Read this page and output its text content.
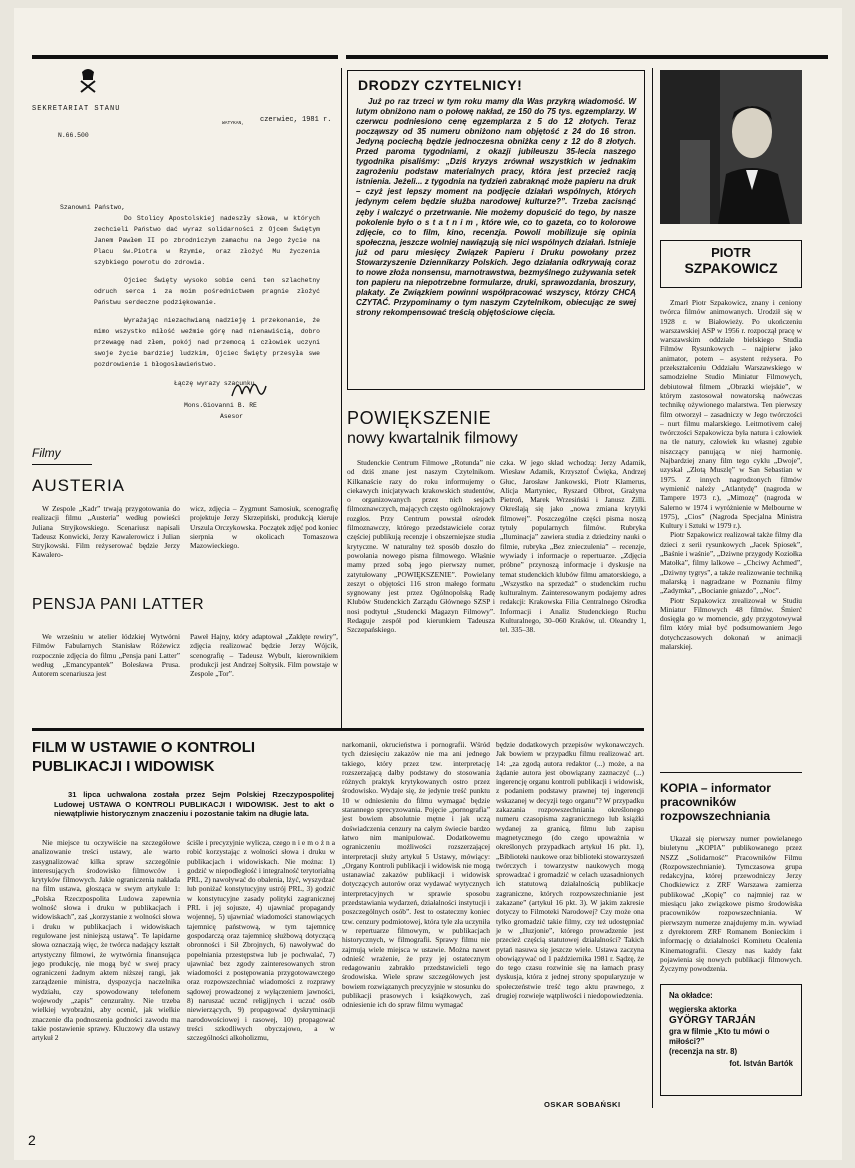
SEKRETARIAT STANU
WATYKAN, czerwiec, 1981 r.
N.66.500
Szanowni Państwo,
Do Stolicy Apostolskiej nadeszły słowa, w których zechcieli Państwo dać wyraz solidarności z Ojcem Świętym Janem Pawłem II po zbrodniczym zamachu na Jego życie na Placu św.Piotra w Rzymie, oraz złożyć Mu życzenia szybkiego powrotu do zdrowia.
Ojciec Święty wysoko sobie ceni ten szlachetny odruch serca i za moim pośrednictwem pragnie złożyć Państwu serdeczne podziękowanie.
Wyrażając niezachwianą nadzieję i przekonanie, że mimo wszystko miłość weźmie górę nad nienawiścią, dobro przewagę nad złem, pokój nad przemocą i człowiek uczyni swoje życie bardziej ludzkim, Ojciec Święty przesyła swe pozdrowienie i błogosławieństwo.
Łączę wyrazy szacunku
Mons.Giovanni B. RE
Asesor
Filmy
AUSTERIA

W Zespole „Kadr” trwają przygotowania do realizacji filmu „Austeria” według powieści Juliana Stryjkowskiego. Scenariusz napisali Tadeusz Konwicki, Jerzy Kawalerowicz i Julian Stryjkowski. Film reżyserować będzie Jerzy Kawalero-

wicz, zdjęcia – Zygmunt Samosiuk, scenografię projektuje Jerzy Skrzepiński, produkcją kieruje Urszula Orczykowska. Początek zdjęć pod koniec sierpnia w okolicach Tomaszowa Mazowieckiego.

PENSJA PANI LATTER

We wrześniu w atelier łódzkiej Wytwórni Filmów Fabularnych Stanisław Różewicz rozpocznie zdjęcia do filmu „Pensja pani Latter” według „Emancypantek” Bolesława Prusa. Autorem scenariusza jest

Paweł Hajny, który adaptował „Zaklęte rewiry”, zdjęcia realizować będzie Jerzy Wójcik, scenografię – Tadeusz Wybult, kierownikiem produkcji jest Andrzej Sołtysik. Film powstaje w Zespole „Tor”.

DRODZY CZYTELNICY!
Już po raz trzeci w tym roku mamy dla Was przykrą wiadomość. W lutym obniżono nam o połowę nakład, ze 150 do 75 tys. egzemplarzy. W czerwcu podniesiono cenę egzemplarza z 5 do 12 złotych. Teraz począwszy od 35 numeru obniżono nam objętość z 24 do 16 stron. Jedyną pociechą będzie jednoczesna obniżka ceny z 12 do 8 złotych. Przed paroma tygodniami, z okazji jubileuszu 35-lecia naszego tygodnika pisaliśmy: „Dziś kryzys zrównał wszystkich w jednakim zagrożeniu podstaw materialnych pracy, która jest przecież racją istnienia. Jeżeli... z tygodnia na tydzień zabraknąć może papieru na druk – czyż jest lepszy moment na podjęcie działań wspólnych, których jedynym celem będzie służba narodowej kulturze?”. Trzeba zacisnąć zęby i walczyć o przetrwanie. Nie możemy dopuścić do tego, by nasze pokolenie było o s t a t n i m , które wie, co to gazeta, co to kolorowe zdjęcie, co to film, kino, recenzja. Powoli mobilizuje się opinia społeczna, jeszcze wolniej nawiązują się nici wspólnych działań. Istnieje już od paru miesięcy Związek Papieru i Druku powołany przez Stowarzyszenie Dziennikarzy Polskich. Jego działania odkrywają coraz to nowe złoża nonsensu, marnotrawstwa, bezmyślnego zużywania setek ton papieru na niepotrzebne formularze, druki, sprawozdania, broszury, plakaty. Ze Związkiem powinni współpracować wszyscy, którzy CHCĄ CZYTAĆ. Przypominamy o tym naszym Czytelnikom, obiecując ze swej strony rekompensować treścią objętościowe cięcia.
POWIĘKSZENIE
nowy kwartalnik filmowy

Studenckie Centrum Filmowe „Rotunda” nie od dziś znane jest naszym Czytelnikom. Kilkanaście razy do roku informujemy o ciekawych inicjatywach krakowskich studentów, o organizowanych przez nich sesjach filmoznawczych, mających często ogólnokrajowy rozgłos. Przy Centrum powstał ośrodek filmoznawczy, którego przedstawiciele coraz częściej publikują recenzje i obszerniejsze studia krytyczne. W naturalny też sposób doszło do powołania nowego pisma filmowego. Właśnie mamy przed sobą jego pierwszy numer, zatytułowany „POWIĘKSZENIE”. Powielany zeszyt o objętości 116 stron małego formatu sygnowany jest przez Ogólnopolską Radę Klubów Studenckich Zarządu Głównego SZSP i nosi podtytuł „Studencki Magazyn Filmowy”. Redaguje zespół pod kierunkiem Tadeusza Szczepańskiego.

czka. W jego skład wchodzą: Jerzy Adamik, Wiesław Adamik, Krzysztof Ćwięka, Andrzej Głuc, Jarosław Jankowski, Piotr Kłamerus, Alicja Martyniec, Ryszard Olbrot, Grażyna Pietroń, Marek Wrzesiński i Janusz Zilli. Określają się jako „nowa zmiana krytyki filmowej”. Poszczególne części pisma noszą tytuły popularnych filmów. Rubryka „Iluminacja” zawiera studia z dziedziny nauki o filmie, rubryka „Bez znieczulenia” – recenzje, wywiady i informacje o repertuarze. „Zdjęcia próbne” przynoszą informacje i dyskusje na temat studenckich klubów filmu amatorskiego, a „Wszystko na sprzedaż” o studenckim ruchu kulturalnym. Zainteresowanym podajemy adres redakcji: Krakowska Filia Centralnego Ośrodka Informacji i Analiz Studenckiego Ruchu Kulturalnego, 30–060 Kraków, ul. Oleandry 1, tel. 335–38.

PIOTR
SZPAKOWICZ

Zmarł Piotr Szpakowicz, znany i ceniony twórca filmów animowanych. Urodził się w 1928 r. w Białowieży. Po ukończeniu warszawskiej ASP w 1956 r. rozpoczął pracę w warszawskim oddziale bielskiego Studia Filmów Rysunkowych – najpierw jako animator, potem – asystent reżysera. Po przekształceniu Oddziału Warszawskiego w samodzielne Studio Miniatur Filmowych, debiutował filmem „Obrazki wiejskie”, w którym zastosował nowatorską naówczas technikę ożywionego malarstwa. Ten pierwszy film otworzył – zasadniczy w Jego twórczości – nurt filmu malarskiego. Leitmotivem całej twórczości Szpakowicza była natura i człowiek na tle natury, człowiek ku własnej zgubie niszczący panującą w niej harmonię. Najbardziej znany film tego cyklu „Dwoje”, uzyskał „Złotą Muszlę” w San Sebastian w 1975. Z innych nagrodzonych filmów wymienić należy „Atlantydę” (nagroda w Tampere 1973 r.), „Mimozę” (nagroda w Salerno w 1974 i wyróżnienie w Melbourne w 1975), „Cios” (Nagroda Specjalna Ministra Kultury i Sztuki w 1979 r.).

Piotr Szpakowicz realizował także filmy dla dzieci z serii rysunkowych „Jacek Spiosek”, „Baśnie i waśnie”, „Dziwne przygody Koziołka Matołka”, filmy lalkowe – „Chciwy Achmed”, „Dziwny tygrys”, a także realizowanie techniką malarską i nagradzane w Poznaniu filmy „Zadymka”, „Bocianie gniazdo”, „Noc”.

Piotr Szpakowicz zrealizował w Studiu Miniatur Filmowych 48 filmów. Śmierć dosięgła go w momencie, gdy przygotowywał film który miał być podsumowaniem Jego dotychczasowych dokonań w animacji malarskiej.

KOPIA – informator pracowników rozpowszechniania

Ukazał się pierwszy numer powielanego biuletynu „KOPIA” publikowanego przez NSZZ „Solidarność” Pracowników Filmu (Rozpowszechnianie). Tymczasowa grupa redakcyjna, której przewodniczy Jerzy Chodkiewicz z ZRF Warszawa zamierza publikować „Kopię” co najmniej raz w miesiącu jako związkowe pismo środowiska pracowników rozpowszechniania. W pierwszym numerze znajdujemy m.in. wywiad z dyrektorem ZRF Romanem Bonieckim i informację o działalności Komitetu Ocalenia Kinematografii. Cieszy nas każdy fakt pojawienia się nowych publikacji filmowych. Życzymy powodzenia.

Na okładce:
węgierska aktorka
GYÖRGY TARJÁN
gra w filmie „Kto tu mówi o miłości?”
(recenzja na str. 8)
fot. István Bartók
FILM W USTAWIE O KONTROLI PUBLIKACJI I WIDOWISK
31 lipca uchwalona została przez Sejm Polskiej Rzeczypospolitej Ludowej USTAWA O KONTROLI PUBLIKACJI I WIDOWISK. Jest to akt o niewątpliwie historycznym znaczeniu i pozostanie takim na długie lata.

Nie miejsce tu oczywiście na szczegółowe analizowanie treści ustawy, ale warto zasygnalizować kilka spraw szczególnie interesujących środowisko filmowców i krytyków filmowych. Jakie ograniczenia nakłada na film ustawa, głosząca w swym artykule 1: „Polska Rzeczpospolita Ludowa zapewnia wolność słowa i druku w publikacjach i widowiskach”, zaś „korzystanie z wolności słowa i druku w publikacjach i widowiskach regulowane jest niniejszą ustawą”. Te lapidarne słowa oznaczają więc, że twórca nadający kształt artystyczny filmowi, że wytwórnia finansująca jego produkcję, nie mogą być w swej pracy ograniczeni żadnym aktem niższej rangi, jak zarządzenie ministra, dyspozycja naczelnika wydziału, czy spowodowany telefonem wojewody „zapis” cenzuralny. Nie trzeba wielkiej wyobraźni, aby ocenić, jak wielkie znaczenie dla podnoszenia godności zawodu ma takie postawienie sprawy. Kluczowy dla ustawy artykuł 2

ściśle i precyzyjnie wylicza, czego n i e m o ż n a robić korzystając z wolności słowa i druku w publikacjach i widowiskach. Nie można: 1) godzić w niepodległość i integralność terytorialną PRL, 2) nawoływać do obalenia, lżyć, wyszydzać lub poniżać konstytucyjny ustrój PRL, 3) godzić w konstytucyjne zasady polityki zagranicznej PRL i jej sojusze, 4) ujawniać propagandy wojennej, 5) ujawniać wiadomości stanowiących tajemnicę państwową, w tym tajemnicę gospodarczą oraz tajemnicę służbową dotyczącą obronności i Sił Zbrojnych, 6) nawoływać do popełniania przestępstwa lub je pochwalać, 7) ujawniać bez zgody zainteresowanych stron wiadomości z postępowania przygotowawczego oraz rozpowszechniać wiadomości z rozprawy sądowej prowadzonej z wyłączeniem jawności, 8) naruszać uczuć religijnych i uczuć osób niewierzących, 9) propagować dyskryminacji narodowościowej i rasowej, 10) propagować treści szkodliwych obyczajowo, a w szczególności alkoholizmu,

narkomanii, okrucieństwa i pornografii. Wśród tych dziesięciu zakazów nie ma ani jednego takiego, który przez tzw. interpretację rozszerzającą dałby podstawy do stosowania różnych praktyk krytykowanych ostro przez środowisko. Wydaje się, że jedynie treść punktu 10 w odniesieniu do filmu wymagać będzie starannego sprecyzowania. Pojęcie „pornografia” jest bowiem absolutnie mętne i jak uczą doświadczenia cenzury na całym świecie bardzo łatwo nim manipulować. Dodatkowemu ograniczeniu możliwości rozszerzającej interpretacji służy artykuł 5 Ustawy, mówiący: „Organy Kontroli publikacji i widowisk nie mogą ustanawiać zakazów publikacji i widowisk dotyczących autorów oraz wydawać wytycznych interpretacyjnych w sprawie sposobu przedstawiania wydarzeń, działalności instytucji i poszczególnych osób”. Jest to ostateczny koniec tzw. cenzury podmiotowej, która tyle zła uczyniła w repertuarze filmowym, w publikacjach historycznych, w filmografii. Sprawy filmu nie zajmują wiele miejsca w ustawie. Można nawet odnieść wrażenie, że przy jej ostatecznym redagowaniu zabrakło przedstawicieli tego środowiska. Wiele spraw szczegółowych jest bowiem rozwiązanych precyzyjnie w stosunku do publikacji prasowych i książkowych, zaś odniesienie ich do spraw filmu wymagać

będzie dodatkowych przepisów wykonawczych. Jak bowiem w przypadku filmu realizować art. 14: „za zgodą autora redaktor (...) może, a na żądanie autora jest obowiązany zaznaczyć (...) ingerencję organu kontroli publikacji i widowisk, z podaniem podstawy prawnej tej ingerencji wskazanej w decyzji tego organu”? W przypadku zakazania rozpowszechniania określonego numeru czasopisma zagranicznego lub książki wydanej za granicą, filmu lub zapisu magnetycznego (do czego upoważnia w określonych przypadkach artykuł 16 pkt. 1), „Biblioteki naukowe oraz biblioteki stowarzyszeń twórczych i towarzystw naukowych mogą sprowadzać i gromadzić w celach uzasadnionych ich statutową działalnością publikacje zagraniczne, których rozpowszechnianie jest zakazane” (artykuł 16 pkt. 3). W jakim zakresie dotyczy to Filmoteki Narodowej? Czy może ona tylko gromadzić takie filmy, czy też udostępniać je w „Iluzjonie”, którego prowadzenie jest przecież częścią statutowej działalności? Takich pytań nasuwa się jeszcze wiele. Ustawa zaczyna obowiązywać od 1 października 1981 r. Sądzę, że do tego czasu rozwinie się na łamach prasy dyskusja, która z jednej strony spopularyzuje w społeczeństwie treść tego aktu prawnego, z drugiej rozwieje wątpliwości i niedopowiedzenia.

OSKAR SOBAŃSKI
2
